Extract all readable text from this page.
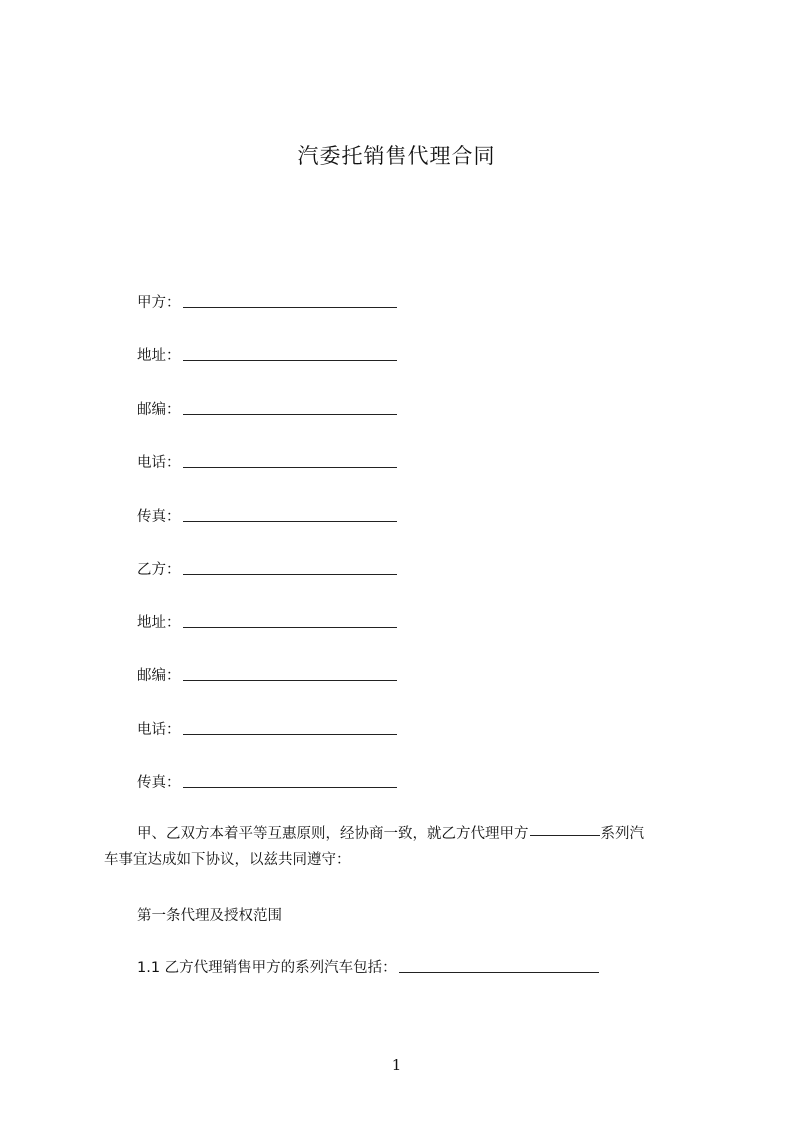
汽委托销售代理合同
甲方：
地址：
邮编：
电话：
传真：
乙方：
地址：
邮编：
电话：
传真：
甲、乙双方本着平等互惠原则，经协商一致，就乙方代理甲方	系列汽
车事宜达成如下协议，以兹共同遵守：
第一条代理及授权范围
1.1 乙方代理销售甲方的系列汽车包括：
1
